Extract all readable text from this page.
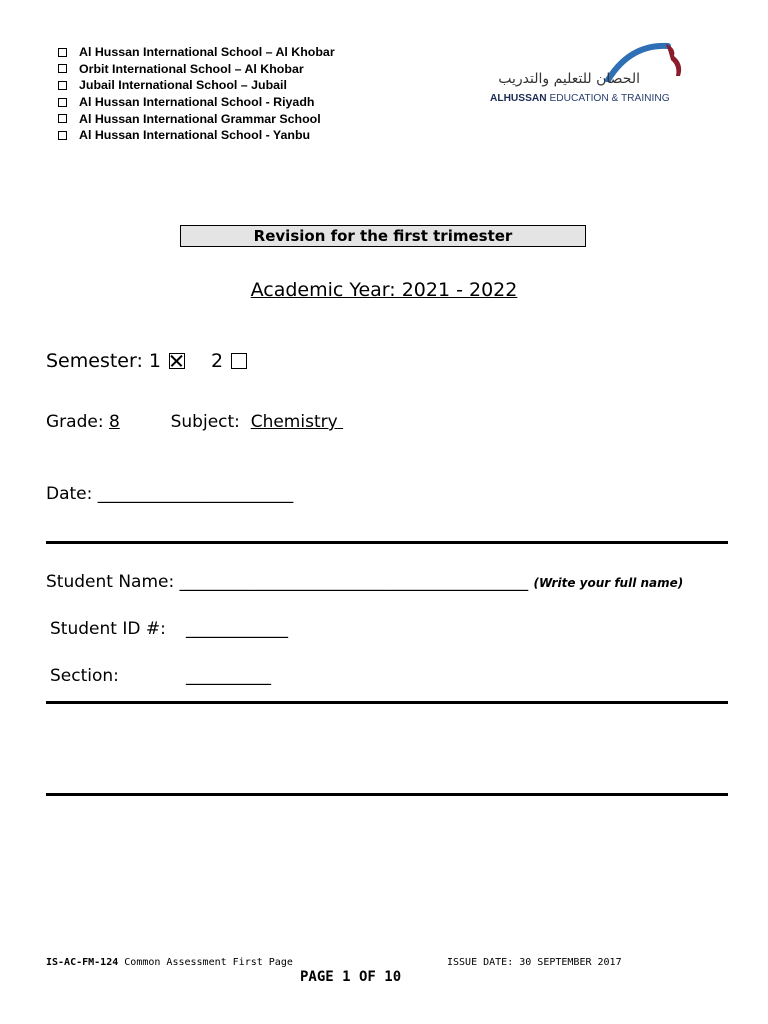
Al Hussan International School – Al Khobar
Orbit International School – Al Khobar
Jubail International School – Jubail
Al Hussan International School - Riyadh
Al Hussan International Grammar School
Al Hussan International School - Yanbu
الحصان للتعليم والتدريب
ALHUSSAN EDUCATION & TRAINING
Revision for the first trimester
Academic Year: 2021 - 2022
Semester:
1	2
Grade: 8	Subject: Chemistry
Date: _______________________
Student Name: _________________________________________ (Write your full name)
Student ID #: ____________
Section:	__________
IS-AC-FM-124 Common Assessment First Page	ISSUE DATE: 30 SEPTEMBER 2017
PAGE 1 OF 10
